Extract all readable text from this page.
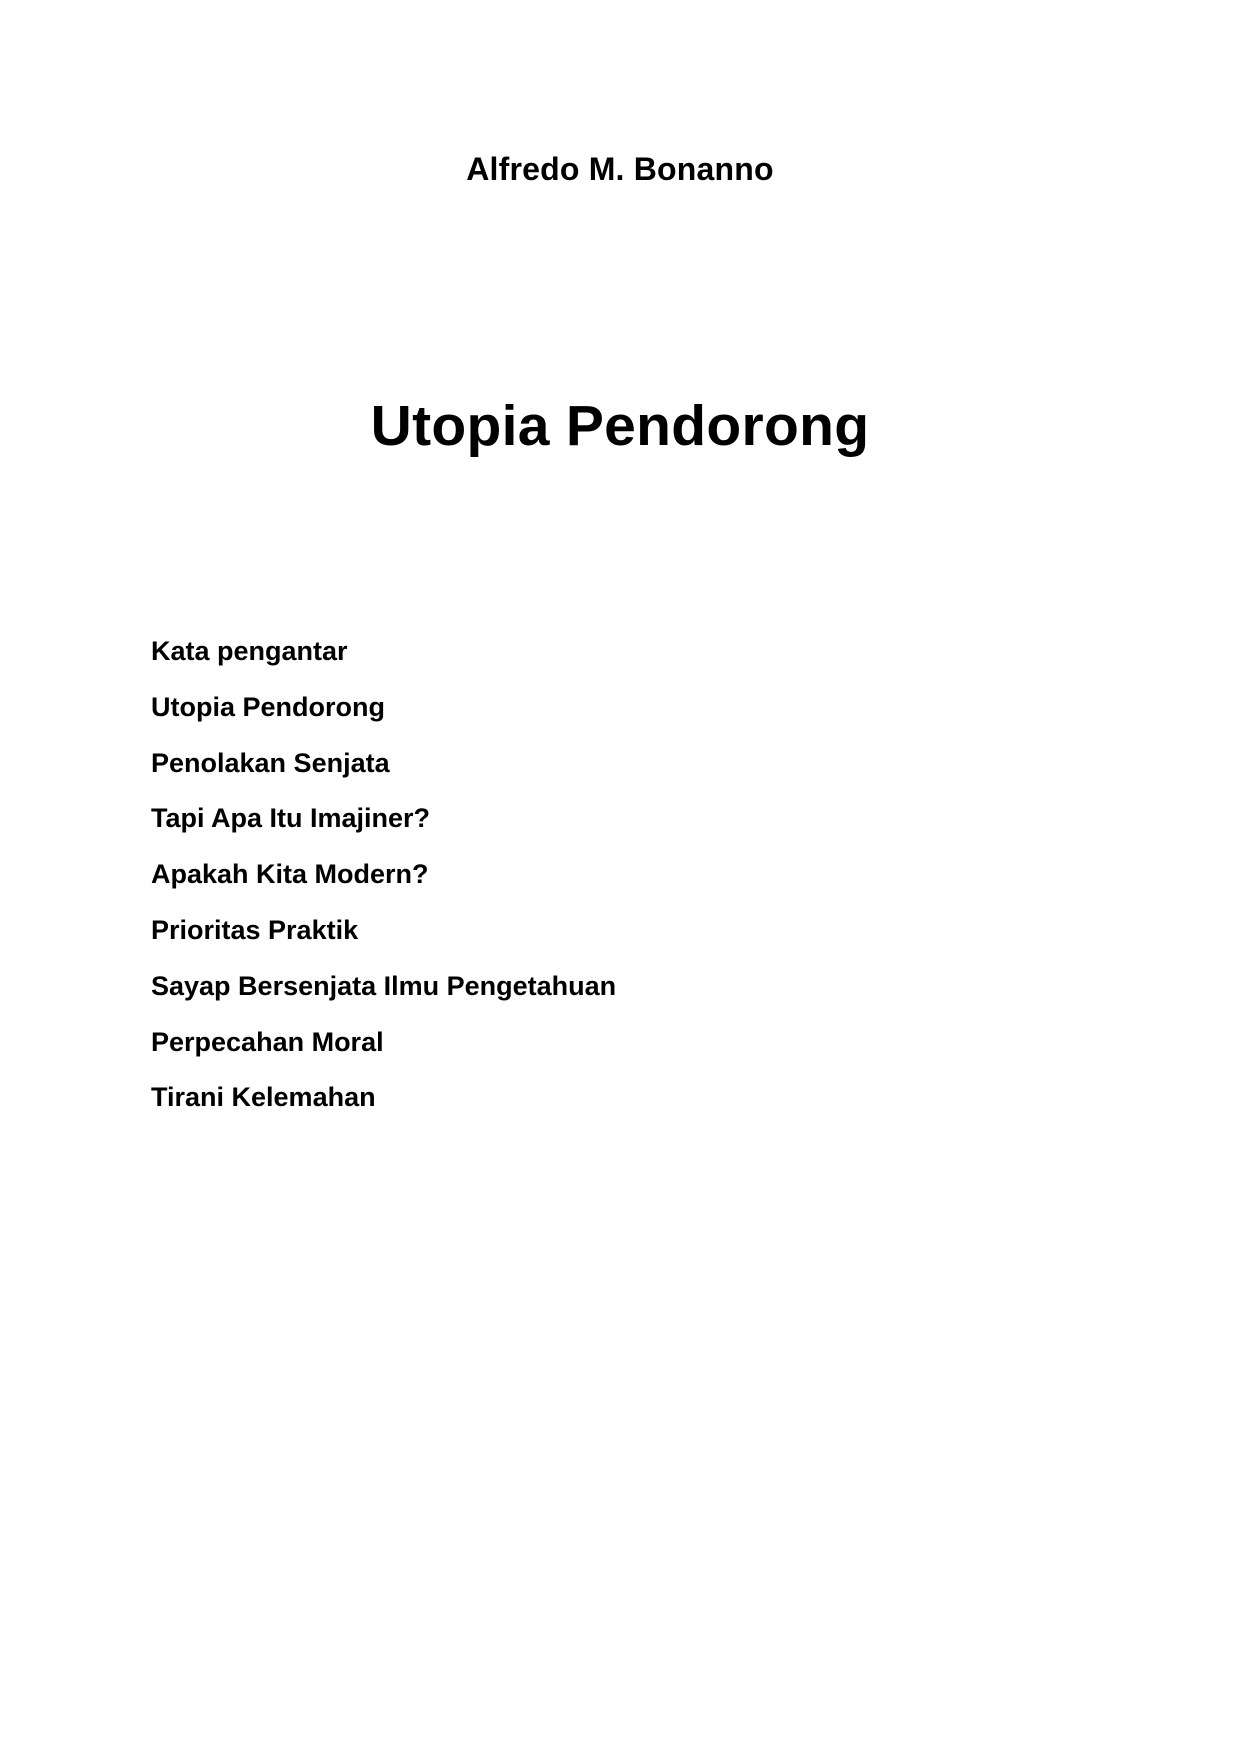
Alfredo M. Bonanno
Utopia Pendorong
Kata pengantar
Utopia Pendorong
Penolakan Senjata
Tapi Apa Itu Imajiner?
Apakah Kita Modern?
Prioritas Praktik
Sayap Bersenjata Ilmu Pengetahuan
Perpecahan Moral
Tirani Kelemahan
